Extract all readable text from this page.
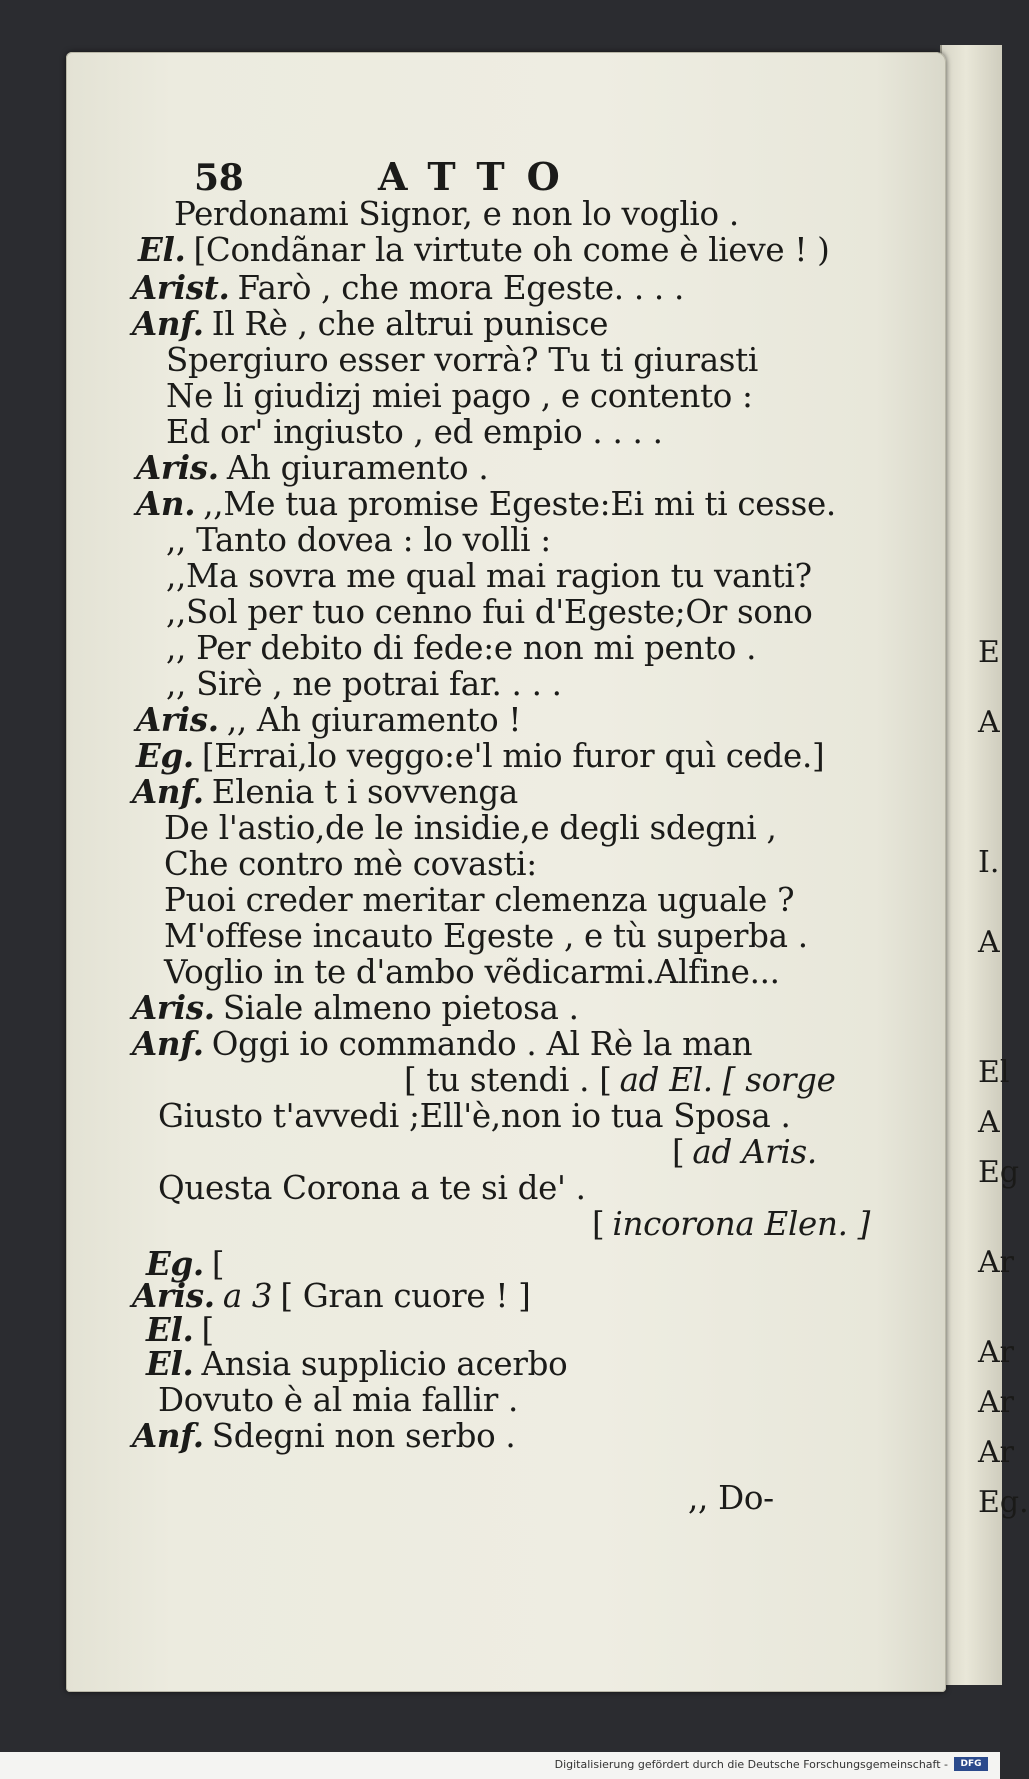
E
A
I.
A
El
A
Eg
Ar
Ar
Ar
Ar
Eg.
58	ATTO
Perdonami Signor, e non lo voglio .
El. [Condãnar la virtute oh come è lieve ! )
Arist. Farò , che mora Egeste. . . .
Anf. Il Rè , che altrui punisce
Spergiuro esser vorrà? Tu ti giurasti
Ne li giudizj miei pago , e contento :
Ed or' ingiusto , ed empio . . . .
Aris. Ah giuramento .
An. ,,Me tua promise Egeste:Ei mi ti cesse.
,, Tanto dovea : lo volli :
,,Ma sovra me qual mai ragion tu vanti?
,,Sol per tuo cenno fui d'Egeste;Or sono
,, Per debito di fede:e non mi pento .
,, Sirè , ne potrai far. . . .
Aris. ,, Ah giuramento !
Eg. [Errai,lo veggo:e'l mio furor quì cede.]
Anf. Elenia t i sovvenga
De l'astio,de le insidie,e degli sdegni ,
Che contro mè covasti:
Puoi creder meritar clemenza uguale ?
M'offese incauto Egeste , e tù superba .
Voglio in te d'ambo vẽdicarmi.Alfine...
Aris. Siale almeno pietosa .
Anf. Oggi io commando . Al Rè la man
[ tu stendi . [ ad El. [ sorge
Giusto t'avvedi ;Ell'è,non io tua Sposa .
[ ad Aris.
Questa Corona a te si de' .
[ incorona Elen. ]
Eg. [
Aris. a 3 [ Gran cuore ! ]
El. [
El. Ansia supplicio acerbo
Dovuto è al mia fallir .
Anf. Sdegni non serbo .
,, Do-
Digitalisierung gefördert durch die Deutsche Forschungsgemeinschaft -	DFG
